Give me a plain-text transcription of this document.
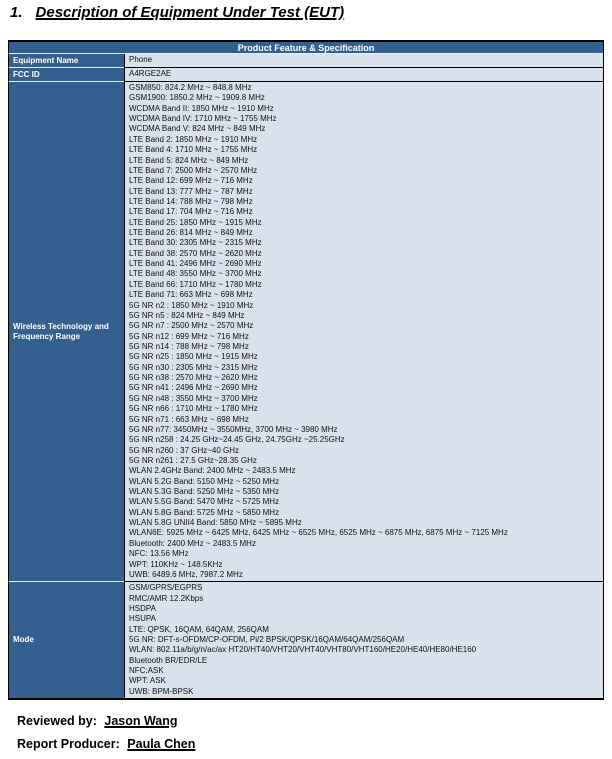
1. Description of Equipment Under Test (EUT)
Product Feature & Specification
Equipment Name	Phone
FCC ID	A4RGE2AE
Wireless Technology and Frequency Range
GSM850: 824.2 MHz ~ 848.8 MHz
GSM1900: 1850.2 MHz ~ 1909.8 MHz
WCDMA Band II: 1850 MHz ~ 1910 MHz
WCDMA Band IV: 1710 MHz ~ 1755 MHz
WCDMA Band V: 824 MHz ~ 849 MHz
LTE Band 2: 1850 MHz ~ 1910 MHz
LTE Band 4: 1710 MHz ~ 1755 MHz
LTE Band 5: 824 MHz ~ 849 MHz
LTE Band 7: 2500 MHz ~ 2570 MHz
LTE Band 12: 699 MHz ~ 716 MHz
LTE Band 13: 777 MHz ~ 787 MHz
LTE Band 14: 788 MHz ~ 798 MHz
LTE Band 17: 704 MHz ~ 716 MHz
LTE Band 25: 1850 MHz ~ 1915 MHz
LTE Band 26: 814 MHz ~ 849 MHz
LTE Band 30: 2305 MHz ~ 2315 MHz
LTE Band 38: 2570 MHz ~ 2620 MHz
LTE Band 41: 2496 MHz ~ 2690 MHz
LTE Band 48: 3550 MHz ~ 3700 MHz
LTE Band 66: 1710 MHz ~ 1780 MHz
LTE Band 71: 663 MHz ~ 698 MHz
5G NR n2 : 1850 MHz ~ 1910 MHz
5G NR n5 : 824 MHz ~ 849 MHz
5G NR n7 : 2500 MHz ~ 2570 MHz
5G NR n12 : 699 MHz ~ 716 MHz
5G NR n14 : 788 MHz ~ 798 MHz
5G NR n25 : 1850 MHz ~ 1915 MHz
5G NR n30 : 2305 MHz ~ 2315 MHz
5G NR n38 : 2570 MHz ~ 2620 MHz
5G NR n41 : 2496 MHz ~ 2690 MHz
5G NR n48 : 3550 MHz ~ 3700 MHz
5G NR n66 : 1710 MHz ~ 1780 MHz
5G NR n71 : 663 MHz ~ 698 MHz
5G NR n77: 3450MHz ~ 3550MHz, 3700 MHz ~ 3980 MHz
5G NR n258 : 24.25 GHz~24.45 GHz, 24.75GHz ~25.25GHz
5G NR n260 : 37 GHz~40 GHz
5G NR n261 : 27.5 GHz~28.35 GHz
WLAN 2.4GHz Band: 2400 MHz ~ 2483.5 MHz
WLAN 5.2G Band: 5150 MHz ~ 5250 MHz
WLAN 5.3G Band: 5250 MHz ~ 5350 MHz
WLAN 5.5G Band: 5470 MHz ~ 5725 MHz
WLAN 5.8G Band: 5725 MHz ~ 5850 MHz
WLAN 5.8G UNII4 Band: 5850 MHz ~ 5895 MHz
WLAN6E: 5925 MHz ~ 6425 MHz, 6425 MHz ~ 6525 MHz, 6525 MHz ~ 6875 MHz, 6875 MHz ~ 7125 MHz
Bluetooth: 2400 MHz ~ 2483.5 MHz
NFC: 13.56 MHz
WPT: 110KHz ~ 148.5KHz
UWB: 6489.6 MHz, 7987.2 MHz
Mode
GSM/GPRS/EGPRS
RMC/AMR 12.2Kbps
HSDPA
HSUPA
LTE: QPSK, 16QAM, 64QAM, 256QAM
5G NR: DFT-s-OFDM/CP-OFDM, Pi/2 BPSK/QPSK/16QAM/64QAM/256QAM
WLAN: 802.11a/b/g/n/ac/ax HT20/HT40/VHT20/VHT40/VHT80/VHT160/HE20/HE40/HE80/HE160
Bluetooth BR/EDR/LE
NFC:ASK
WPT: ASK
UWB: BPM-BPSK
Reviewed by: Jason Wang
Report Producer: Paula Chen
